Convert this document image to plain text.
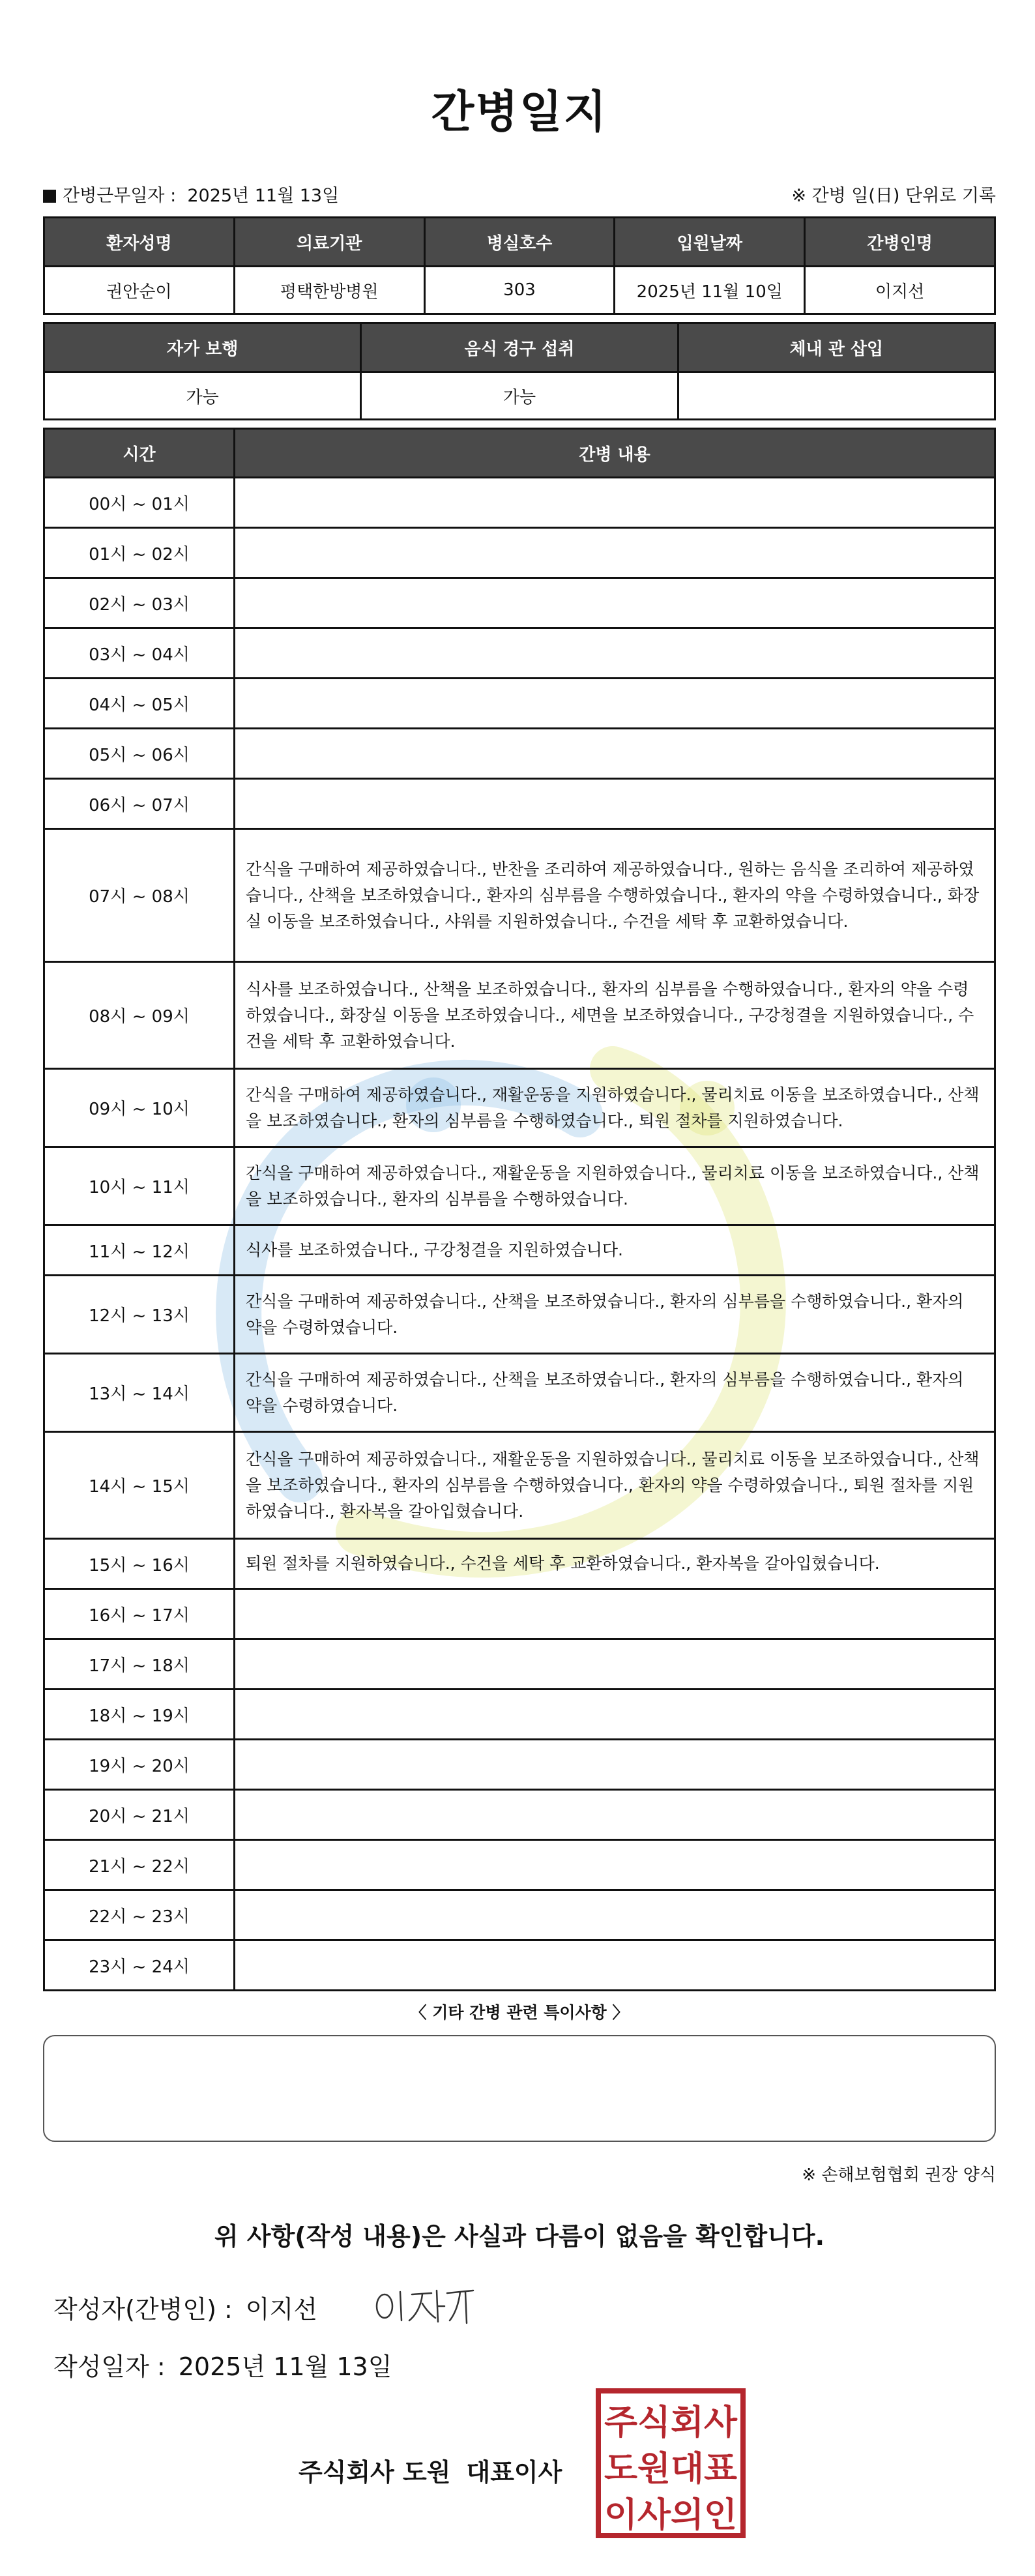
간병일지
간병근무일자 : 2025년 11월 13일	※ 간병 일(日) 단위로 기록
환자성명	의료기관	병실호수	입원날짜	간병인명
권안순이	평택한방병원	303	2025년 11월 10일	이지선
자가 보행	음식 경구 섭취	체내 관 삽입
가능	가능	
시간	간병 내용
00시 ~ 01시	
01시 ~ 02시	
02시 ~ 03시	
03시 ~ 04시	
04시 ~ 05시	
05시 ~ 06시	
06시 ~ 07시	
07시 ~ 08시	간식을 구매하여 제공하였습니다., 반찬을 조리하여 제공하였습니다., 원하는 음식을 조리하여 제공하였습니다., 산책을 보조하였습니다., 환자의 심부름을 수행하였습니다., 환자의 약을 수령하였습니다., 화장실 이동을 보조하였습니다., 샤워를 지원하였습니다., 수건을 세탁 후 교환하였습니다.
08시 ~ 09시	식사를 보조하였습니다., 산책을 보조하였습니다., 환자의 심부름을 수행하였습니다., 환자의 약을 수령하였습니다., 화장실 이동을 보조하였습니다., 세면을 보조하였습니다., 구강청결을 지원하였습니다., 수건을 세탁 후 교환하였습니다.
09시 ~ 10시	간식을 구매하여 제공하였습니다., 재활운동을 지원하였습니다., 물리치료 이동을 보조하였습니다., 산책을 보조하였습니다., 환자의 심부름을 수행하였습니다., 퇴원 절차를 지원하였습니다.
10시 ~ 11시	간식을 구매하여 제공하였습니다., 재활운동을 지원하였습니다., 물리치료 이동을 보조하였습니다., 산책을 보조하였습니다., 환자의 심부름을 수행하였습니다.
11시 ~ 12시	식사를 보조하였습니다., 구강청결을 지원하였습니다.
12시 ~ 13시	간식을 구매하여 제공하였습니다., 산책을 보조하였습니다., 환자의 심부름을 수행하였습니다., 환자의 약을 수령하였습니다.
13시 ~ 14시	간식을 구매하여 제공하였습니다., 산책을 보조하였습니다., 환자의 심부름을 수행하였습니다., 환자의 약을 수령하였습니다.
14시 ~ 15시	간식을 구매하여 제공하였습니다., 재활운동을 지원하였습니다., 물리치료 이동을 보조하였습니다., 산책을 보조하였습니다., 환자의 심부름을 수행하였습니다., 환자의 약을 수령하였습니다., 퇴원 절차를 지원하였습니다., 환자복을 갈아입혔습니다.
15시 ~ 16시	퇴원 절차를 지원하였습니다., 수건을 세탁 후 교환하였습니다., 환자복을 갈아입혔습니다.
16시 ~ 17시	
17시 ~ 18시	
18시 ~ 19시	
19시 ~ 20시	
20시 ~ 21시	
21시 ~ 22시	
22시 ~ 23시	
23시 ~ 24시	
〈 기타 간병 관련 특이사항 〉
※ 손해보험협회 권장 양식
위 사항(작성 내용)은 사실과 다름이 없음을 확인합니다.
작성자(간병인) : 이지선
작성일자 : 2025년 11월 13일
주식회사 도원 대표이사
주식회사
도원대표
이사의인
